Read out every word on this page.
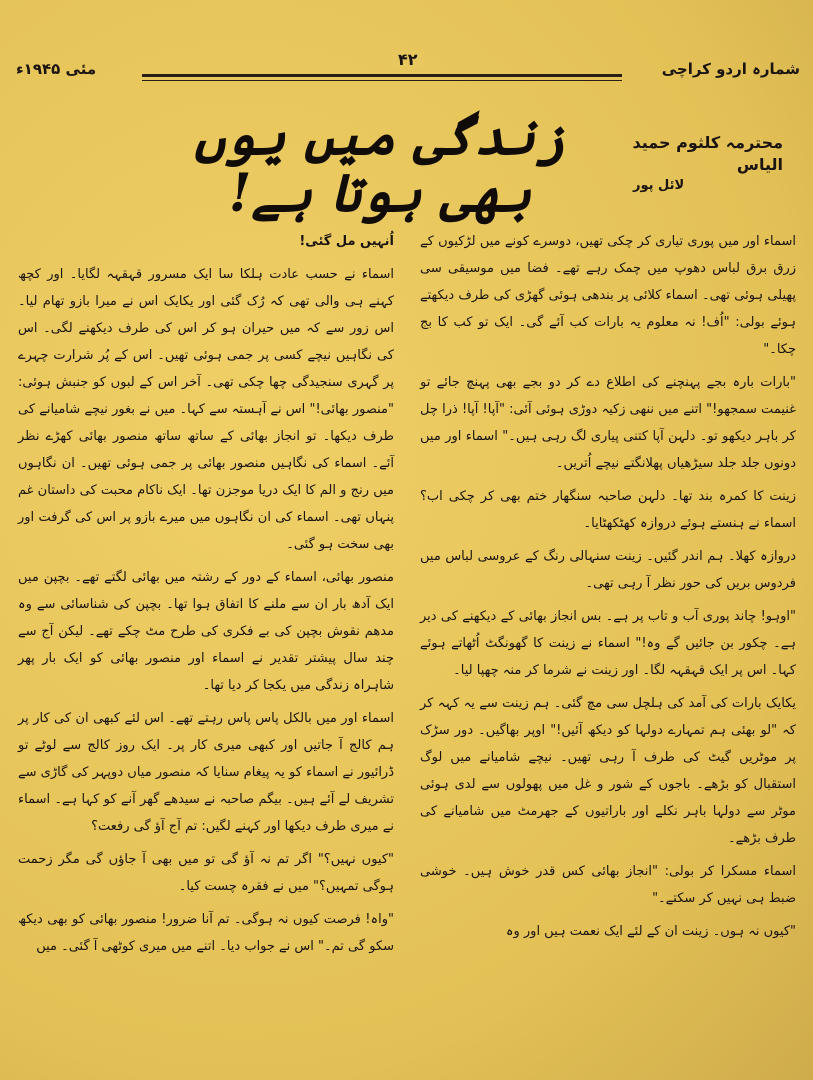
مئی ۱۹۴۵ء	۴۲	شمارہ اردو کراچی
زندگی میں یوں بھی ہوتا ہے!
محترمہ کلثوم حمید الیاس
لائل پور

اسماء اور میں پوری تیاری کر چکی تھیں، دوسرے کونے میں لڑکیوں کے زرق برق لباس دھوپ میں چمک رہے تھے۔ فضا میں موسیقی سی پھیلی ہوئی تھی۔ اسماء کلائی پر بندھی ہوئی گھڑی کی طرف دیکھتے ہوئے بولی: "اُف! نہ معلوم یہ بارات کب آئے گی۔ ایک تو کب کا بج چکا۔"

"بارات بارہ بجے پہنچنے کی اطلاع دے کر دو بجے بھی پہنچ جائے تو غنیمت سمجھو!" اتنے میں ننھی زکیہ دوڑی ہوئی آئی: "آپا! آپا! ذرا چل کر باہر دیکھو تو۔ دلہن آپا کتنی پیاری لگ رہی ہیں۔" اسماء اور میں دونوں جلد جلد سیڑھیاں پھلانگتے نیچے اُتریں۔

زینت کا کمرہ بند تھا۔ دلہن صاحبہ سنگھار ختم بھی کر چکی اب؟ اسماء نے ہنستے ہوئے دروازہ کھٹکھٹایا۔

دروازہ کھلا۔ ہم اندر گئیں۔ زینت سنہالی رنگ کے عروسی لباس میں فردوس بریں کی حور نظر آ رہی تھی۔

"اوہو! چاند پوری آب و تاب پر ہے۔ بس انجاز بھائی کے دیکھنے کی دیر ہے۔ چکور بن جائیں گے وہ!" اسماء نے زینت کا گھونگٹ اُٹھاتے ہوئے کہا۔ اس پر ایک قہقہہ لگا۔ اور زینت نے شرما کر منہ چھپا لیا۔

یکایک بارات کی آمد کی ہلچل سی مچ گئی۔ ہم زینت سے یہ کہہ کر کہ "لو بھئی ہم تمہارے دولہا کو دیکھ آئیں!" اوپر بھاگیں۔ دور سڑک پر موٹریں گیٹ کی طرف آ رہی تھیں۔ نیچے شامیانے میں لوگ استقبال کو بڑھے۔ باجوں کے شور و غل میں پھولوں سے لدی ہوئی موٹر سے دولہا باہر نکلے اور باراتیوں کے جھرمٹ میں شامیانے کی طرف بڑھے۔

اسماء مسکرا کر بولی: "انجاز بھائی کس قدر خوش ہیں۔ خوشی ضبط ہی نہیں کر سکتے۔"

"کیوں نہ ہوں۔ زینت ان کے لئے ایک نعمت ہیں اور وہ

اُنہیں مل گئی!

اسماء نے حسب عادت ہلکا سا ایک مسرور قہقہہ لگایا۔ اور کچھ کہنے ہی والی تھی کہ رُک گئی اور یکایک اس نے میرا بازو تھام لیا۔ اس زور سے کہ میں حیران ہو کر اس کی طرف دیکھنے لگی۔ اس کی نگاہیں نیچے کسی پر جمی ہوئی تھیں۔ اس کے پُر شرارت چہرے پر گہری سنجیدگی چھا چکی تھی۔ آخر اس کے لبوں کو جنبش ہوئی: "منصور بھائی!" اس نے آہستہ سے کہا۔ میں نے بغور نیچے شامیانے کی طرف دیکھا۔ تو انجاز بھائی کے ساتھ ساتھ منصور بھائی کھڑے نظر آئے۔ اسماء کی نگاہیں منصور بھائی پر جمی ہوئی تھیں۔ ان نگاہوں میں رنج و الم کا ایک دریا موجزن تھا۔ ایک ناکام محبت کی داستان غم پنہاں تھی۔ اسماء کی ان نگاہوں میں میرے بازو پر اس کی گرفت اور بھی سخت ہو گئی۔

منصور بھائی، اسماء کے دور کے رشتہ میں بھائی لگتے تھے۔ بچپن میں ایک آدھ بار ان سے ملنے کا اتفاق ہوا تھا۔ بچپن کی شناسائی سے وہ مدھم نقوش بچپن کی بے فکری کی طرح مٹ چکے تھے۔ لیکن آج سے چند سال پیشتر تقدیر نے اسماء اور منصور بھائی کو ایک بار پھر شاہراہ زندگی میں یکجا کر دیا تھا۔

اسماء اور میں بالکل پاس پاس رہتے تھے۔ اس لئے کبھی ان کی کار پر ہم کالج آ جاتیں اور کبھی میری کار پر۔ ایک روز کالج سے لوٹے تو ڈرائیور نے اسماء کو یہ پیغام سنایا کہ منصور میاں دوپہر کی گاڑی سے تشریف لے آئے ہیں۔ بیگم صاحبہ نے سیدھے گھر آنے کو کہا ہے۔ اسماء نے میری طرف دیکھا اور کہنے لگیں: تم آج آؤ گی رفعت؟

"کیوں نہیں؟" اگر تم نہ آؤ گی تو میں بھی آ جاؤں گی مگر زحمت ہوگی تمہیں؟" میں نے فقرہ چست کیا۔

"واہ! فرصت کیوں نہ ہوگی۔ تم آنا ضرور! منصور بھائی کو بھی دیکھ سکو گی تم۔" اس نے جواب دیا۔ اتنے میں میری کوٹھی آ گئی۔ میں
